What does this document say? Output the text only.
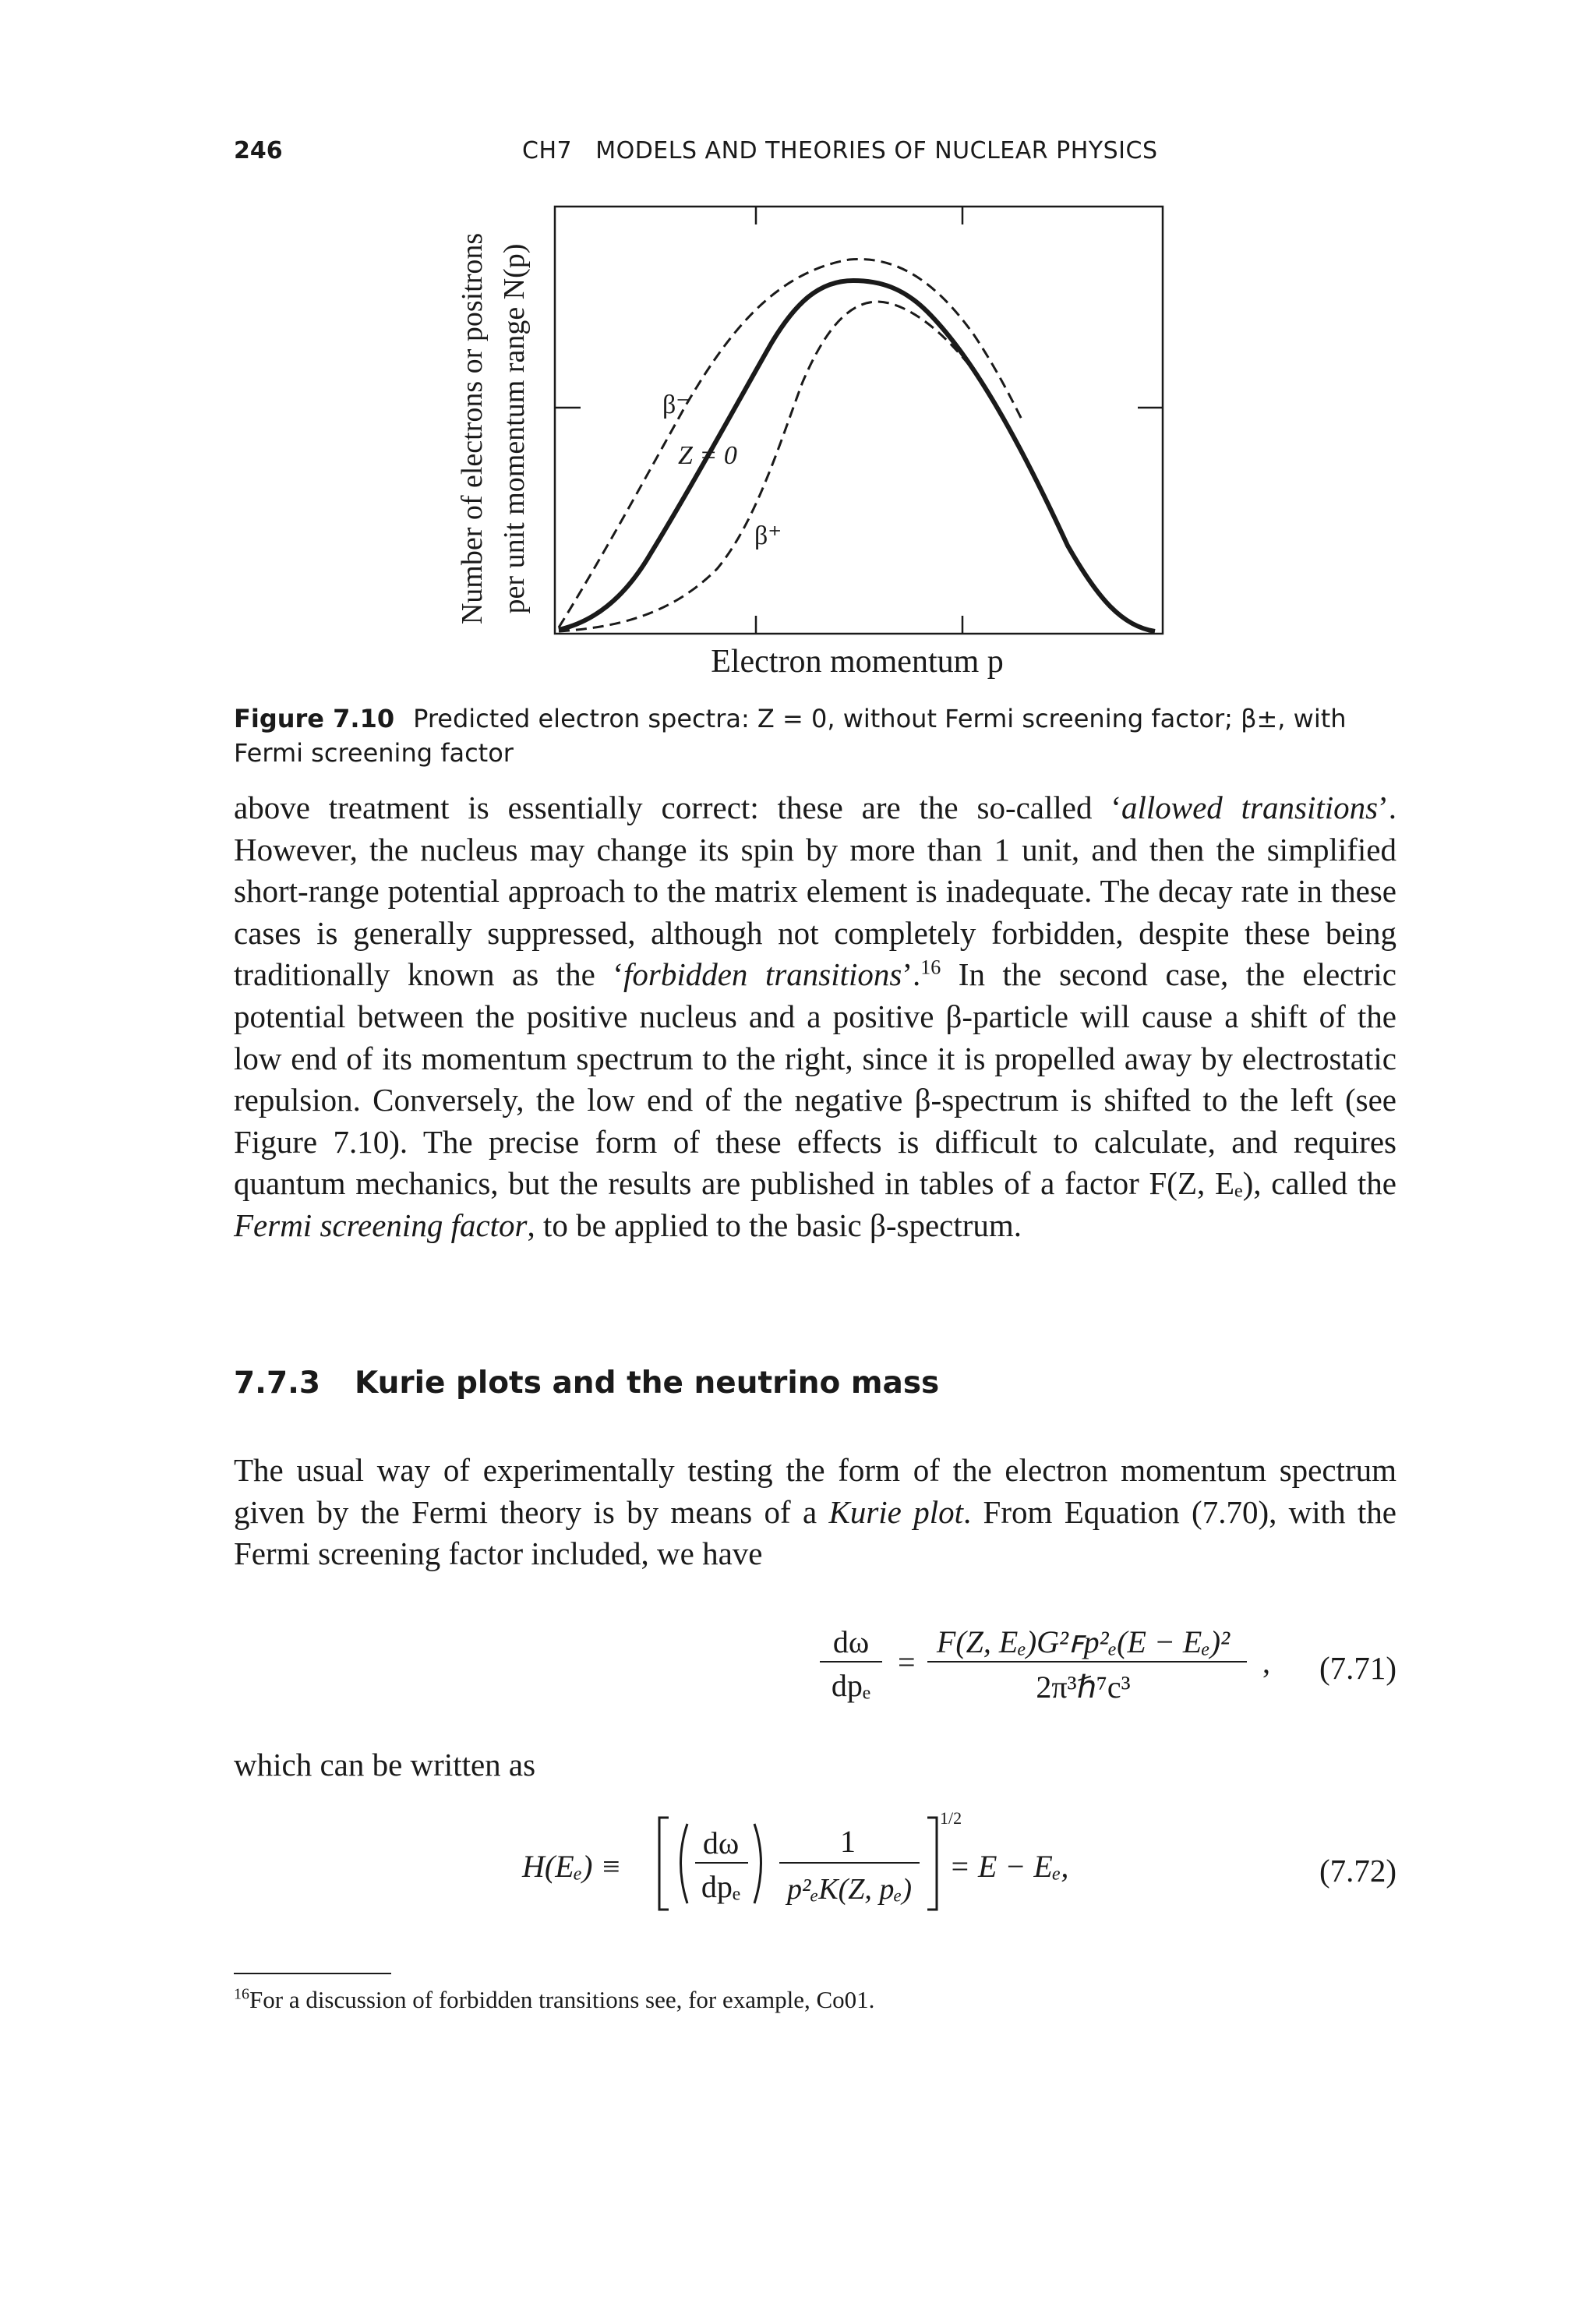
246	CH7   MODELS AND THEORIES OF NUCLEAR PHYSICS
β⁻
Z = 0
β⁺
Electron momentum p
Number of electrons or positrons per unit momentum range N(p)
Figure 7.10 Predicted electron spectra: Z = 0, without Fermi screening factor; β±, with Fermi screening factor
above treatment is essentially correct: these are the so-called ‘allowed transitions’. However, the nucleus may change its spin by more than 1 unit, and then the simplified short-range potential approach to the matrix element is inadequate. The decay rate in these cases is generally suppressed, although not completely forbidden, despite these being traditionally known as the ‘forbidden transitions’.$^{16}$ In the second case, the electric potential between the positive nucleus and a positive β-particle will cause a shift of the low end of its momentum spectrum to the right, since it is propelled away by electrostatic repulsion. Conversely, the low end of the negative β-spectrum is shifted to the left (see Figure 7.10). The precise form of these effects is difficult to calculate, and requires quantum mechanics, but the results are published in tables of a factor F(Z, Eₑ), called the Fermi screening factor, to be applied to the basic β-spectrum.
7.7.3 Kurie plots and the neutrino mass
The usual way of experimentally testing the form of the electron momentum spectrum given by the Fermi theory is by means of a Kurie plot. From Equation (7.70), with the Fermi screening factor included, we have
dω
dpₑ
=
F(Z, Eₑ)G²ꜰp²ₑ(E − Eₑ)²
2π³ℏ⁷c³
, (7.71)
which can be written as
H(Eₑ) ≡
dω
dpₑ
1
p²ₑK(Z, pₑ)
1/2
= E − Eₑ,	(7.72)
$^{16}$For a discussion of forbidden transitions see, for example, Co01.
